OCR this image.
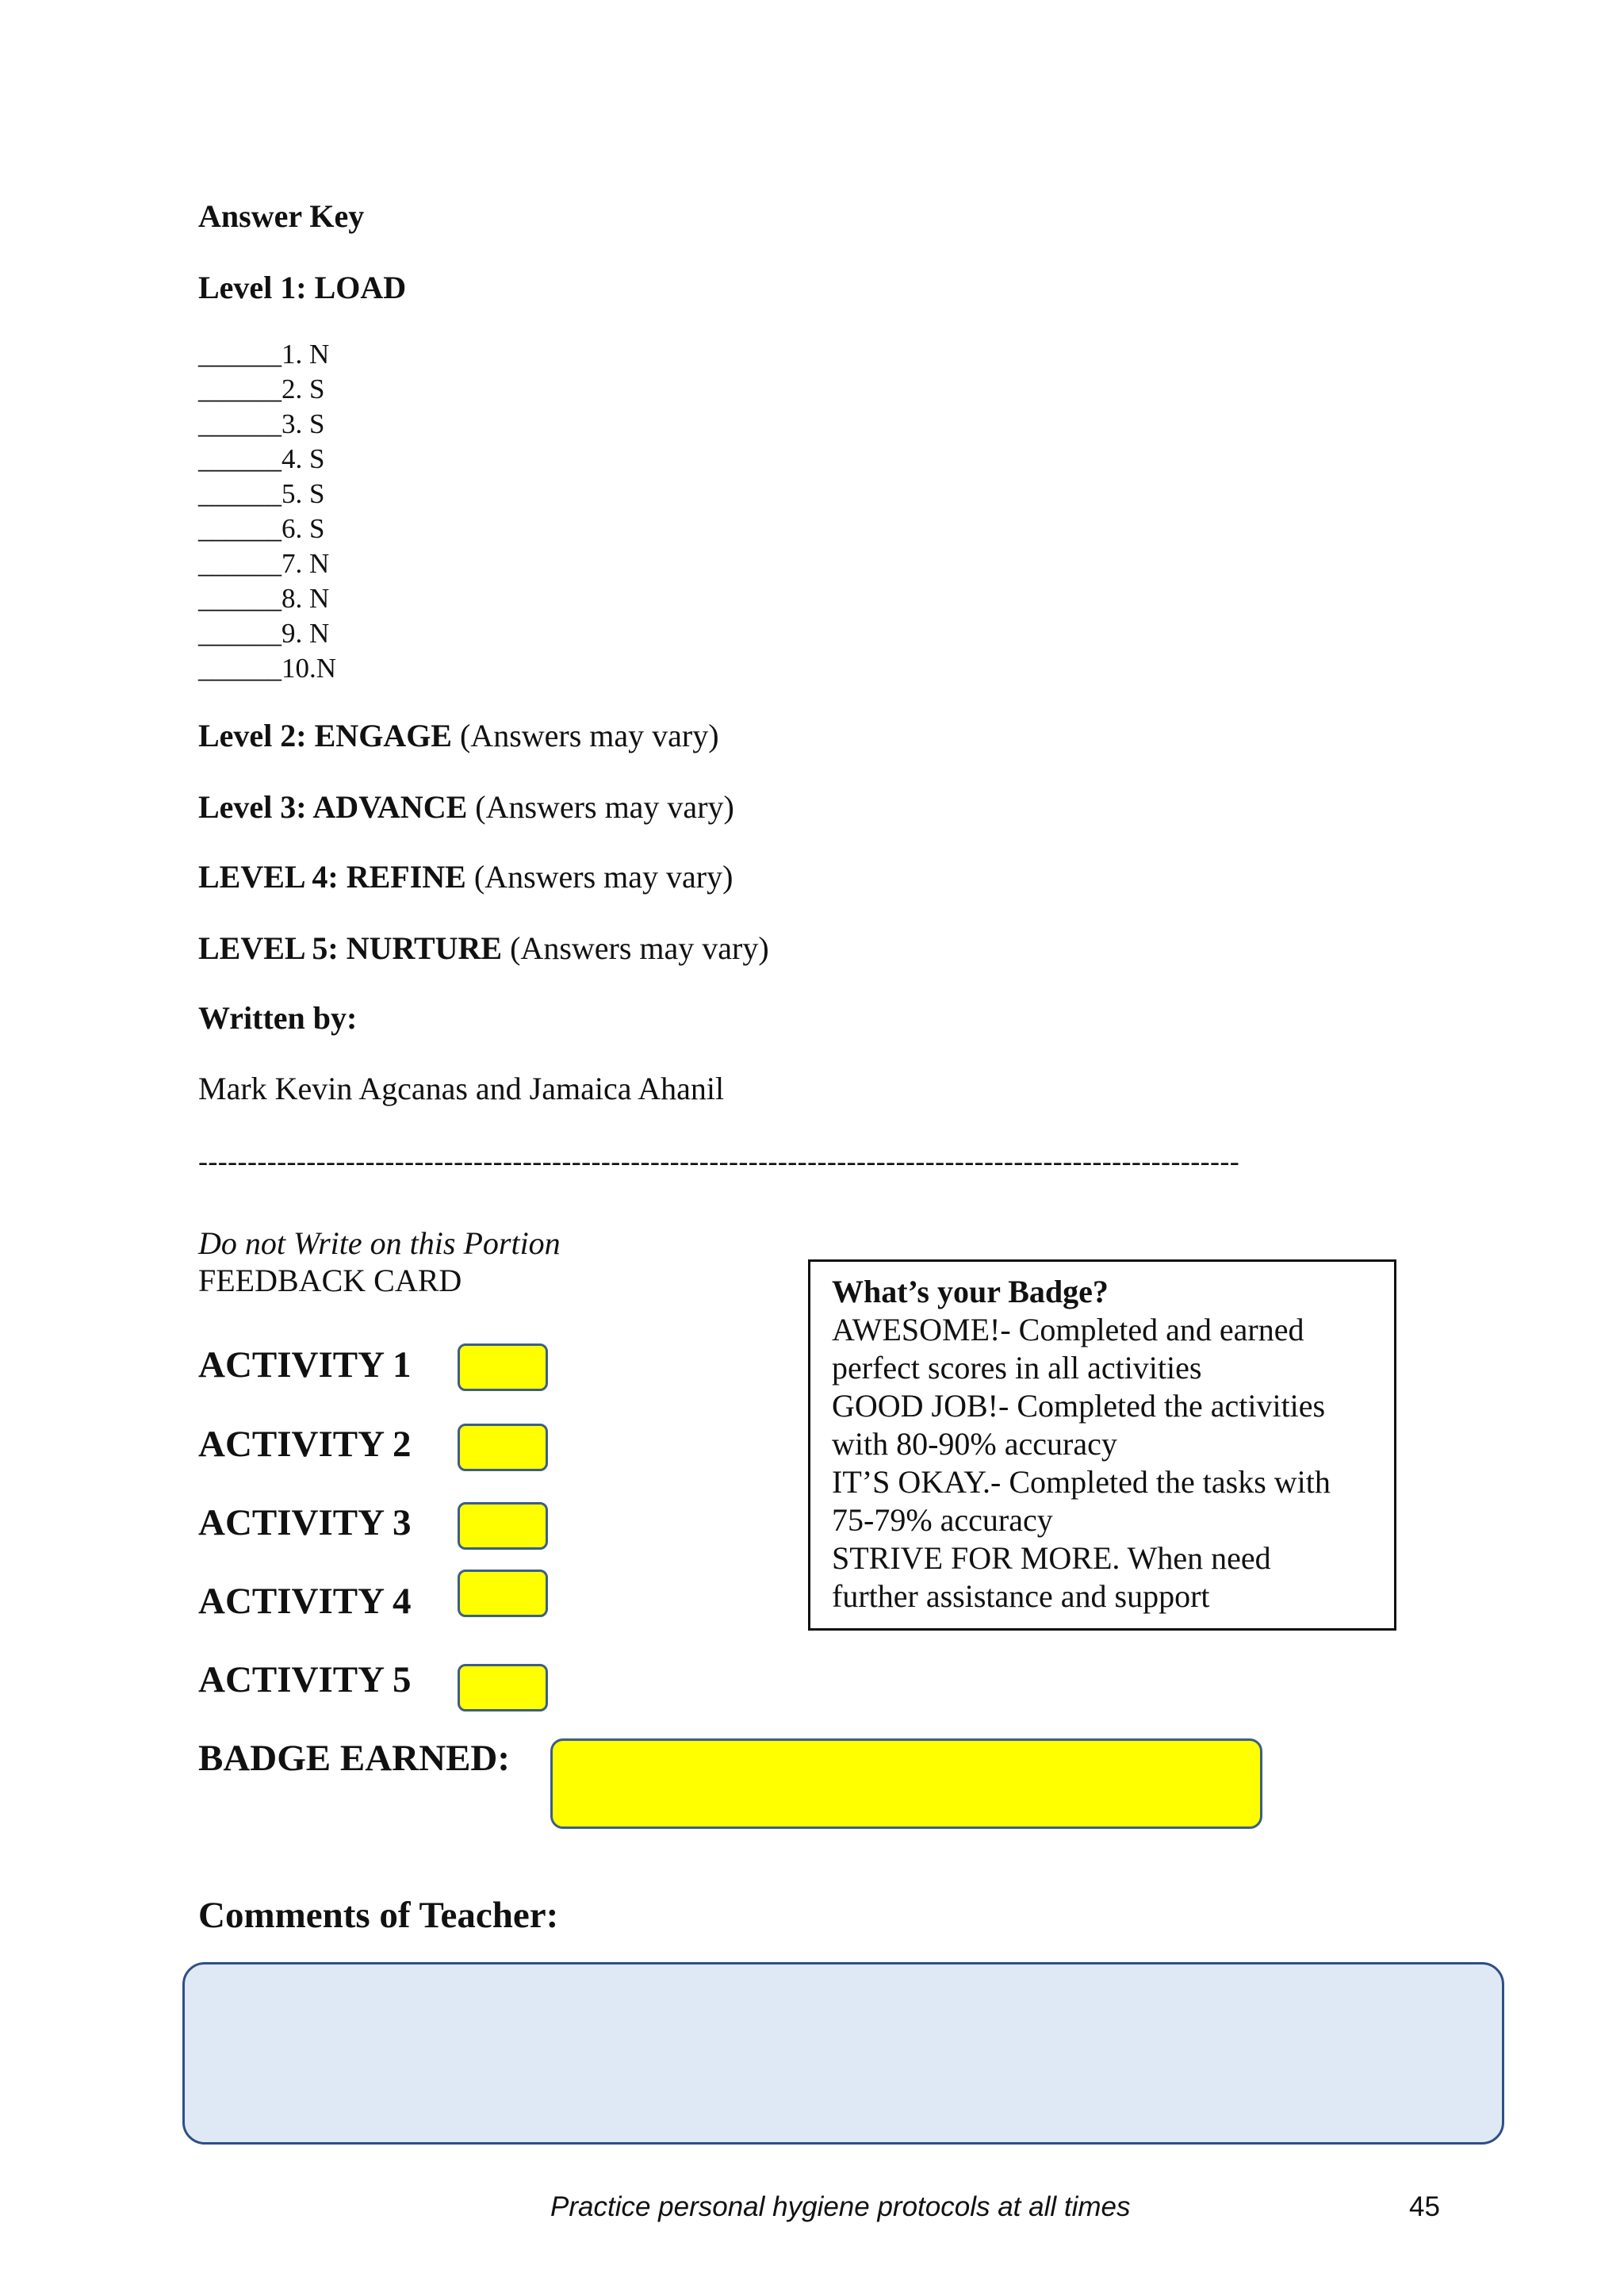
Answer Key
Level 1: LOAD
______1. N
______2. S
______3. S
______4. S
______5. S
______6. S
______7. N
______8. N
______9. N
______10.N
Level 2: ENGAGE (Answers may vary)
Level 3: ADVANCE (Answers may vary)
LEVEL 4: REFINE (Answers may vary)
LEVEL 5: NURTURE (Answers may vary)
Written by:
Mark Kevin Agcanas and Jamaica Ahanil
----------------------------------------------------------------------------------------------------------
Do not Write on this Portion
FEEDBACK CARD
ACTIVITY 1
ACTIVITY 2
ACTIVITY 3
ACTIVITY 4
ACTIVITY 5
BADGE EARNED:
What’s your Badge?
AWESOME!- Completed and earned
perfect scores in all activities
GOOD JOB!- Completed the activities
with 80-90% accuracy
IT’S OKAY.- Completed the tasks with
75-79% accuracy
STRIVE FOR MORE. When need
further assistance and support
Comments of Teacher:
Practice personal hygiene protocols at all times	45
